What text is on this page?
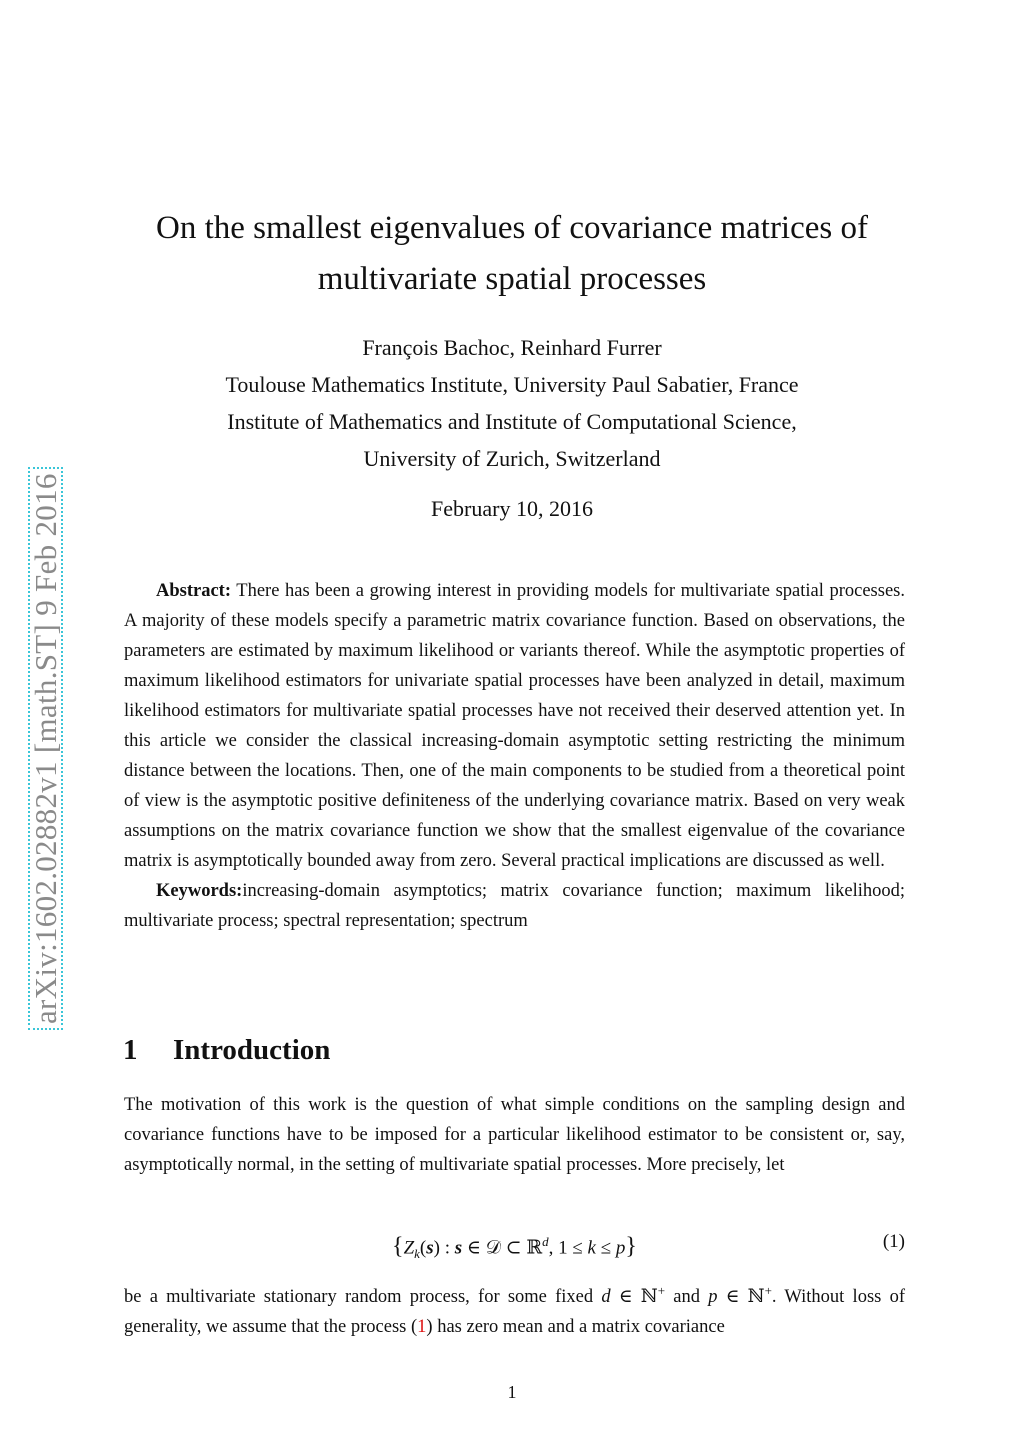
arXiv:1602.02882v1 [math.ST] 9 Feb 2016
On the smallest eigenvalues of covariance matrices of
multivariate spatial processes
François Bachoc, Reinhard Furrer
Toulouse Mathematics Institute, University Paul Sabatier, France
Institute of Mathematics and Institute of Computational Science,
University of Zurich, Switzerland
February 10, 2016

Abstract: There has been a growing interest in providing models for multivariate spatial processes. A majority of these models specify a parametric matrix covariance function. Based on observations, the parameters are estimated by maximum likelihood or variants thereof. While the asymptotic properties of maximum likelihood estimators for univariate spatial processes have been analyzed in detail, maximum likelihood estimators for multivariate spatial processes have not received their deserved attention yet. In this article we consider the classical increasing-domain asymptotic setting restricting the minimum distance between the locations. Then, one of the main components to be studied from a theoretical point of view is the asymptotic positive definiteness of the underlying covariance matrix. Based on very weak assumptions on the matrix covariance function we show that the smallest eigenvalue of the covariance matrix is asymptotically bounded away from zero. Several practical implications are discussed as well.

Keywords:increasing-domain asymptotics; matrix covariance function; maximum likelihood; multivariate process; spectral representation; spectrum

1 Introduction

The motivation of this work is the question of what simple conditions on the sampling design and covariance functions have to be imposed for a particular likelihood estimator to be consistent or, say, asymptotically normal, in the setting of multivariate spatial processes. More precisely, let

{$Z_k(s)$ : s ∈ 𝒟 ⊂ ℝ$^d$, 1 ≤ k ≤ p}	(1)

be a multivariate stationary random process, for some fixed d ∈ ℕ+ and p ∈ ℕ+. Without loss of generality, we assume that the process (1) has zero mean and a matrix covariance

1
